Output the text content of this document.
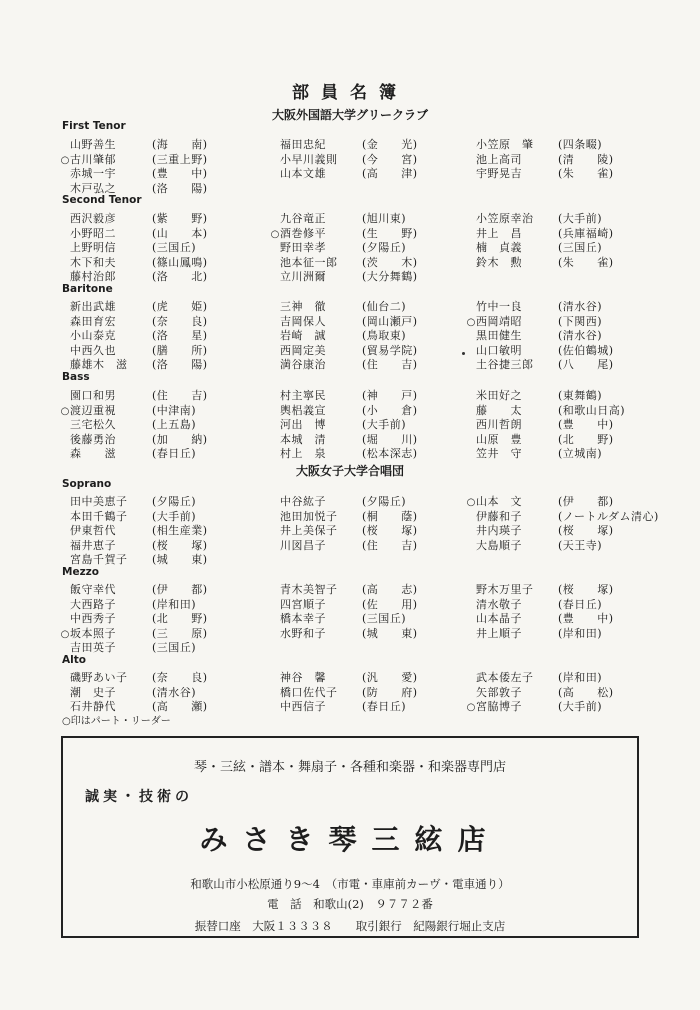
部員名簿
大阪外国語大学グリークラブ
First Tenor
Second Tenor
Baritone
Bass
大阪女子大学合唱団
Soprano
Mezzo
Alto
山野善生	(海　　南)	福田忠紀	(金　　光)	小笠原　肇 (四条畷)
○古川肇郁	(三重上野)	小早川義則 (今　　宮)	池上高司	(清　　陵)
赤城一宇	(豊　　中)	山本文雄	(高　　津)	宇野晃吉	(朱　　雀)
木戸弘之	(洛　　陽)
西沢毅彦	(紫　　野)	九谷竜正	(旭川東)	小笠原幸治 (大手前)
小野昭二	(山　　本)	○酒巻修平	(生　　野)	井上　昌	(兵庫福崎)
上野明信	(三国丘)	野田幸孝	(夕陽丘)	楠　貞義	(三国丘)
木下和夫	(篠山鳳鳴)	池本征一郎 (茨　　木)	鈴木　勲	(朱　　雀)
藤村治郎	(洛　　北)	立川洲爾	(大分舞鶴)
新出武雄	(虎　　姫)	三神　徹	(仙台二)	竹中一良	(清水谷)
森田育宏	(奈　　良)	吉岡保人	(岡山瀬戸)	○西岡靖昭	(下関西)
小山泰克	(洛　　星)	岩崎　誠	(鳥取東)	黒田健生	(清水谷)
中西久也	(膳　　所)	西岡定美	(貿易学院)	山口敏明	(佐伯鶴城)
藤雄木　滋 (洛　　陽)	満谷康治	(住　　吉)	土谷捷三郎 (八　　尾)
園口和男	(住　　吉)	村主寧民	(神　　戸)	米田好之	(東舞鶴)
○渡辺重視	(中津南)	輿梠義宣	(小　　倉)	藤　　太	(和歌山日高)
三宅松久	(上五島)	河出　博	(大手前)	西川哲朗	(豊　　中)
後藤勇治	(加　　納)	本城　清	(堀　　川)	山原　豊	(北　　野)
森　　滋	(春日丘)	村上　泉	(松本深志)	笠井　守	(立城南)
田中美恵子 (夕陽丘)	中谷紘子	(夕陽丘)	○山本　文	(伊　　都)
本田千鶴子 (大手前)	池田加悦子 (桐　　蔭)	伊藤和子	(ノートルダム清心)
伊東哲代	(相生産業)	井上美保子 (桜　　塚)	井内瑛子	(桜　　塚)
福井恵子	(桜　　塚)	川図昌子	(住　　吉)	大島順子	(天王寺)
宮島千賀子 (城　　東)
飯守幸代	(伊　　都)	青木美智子 (高　　志)	野木万里子 (桜　　塚)
大西路子	(岸和田)	四宮順子	(佐　　用)	清水敬子	(春日丘)
中西秀子	(北　　野)	橋本幸子	(三国丘)	山本晶子	(豊　　中)
○坂本照子	(三　　原)	水野和子	(城　　東)	井上順子	(岸和田)
吉田英子	(三国丘)
磯野あい子 (奈　　良)	神谷　馨	(汎　　愛)	武本倭左子 (岸和田)
潮　史子	(清水谷)	橋口佐代子 (防　　府)	矢部敦子	(高　　松)
石井静代	(高　　瀬)	中西信子	(春日丘)	○宮脇博子	(大手前)
○印はパート・リーダー
琴・三絃・譜本・舞扇子・各種和楽器・和楽器専門店
誠実・技術の
みさき琴三絃店
和歌山市小松原通り9〜4　（市電・車庫前カーヴ・電車通り）
電　話　和歌山(2)　９７７２番
振替口座　大阪１３３３８　　取引銀行　紀陽銀行堀止支店
